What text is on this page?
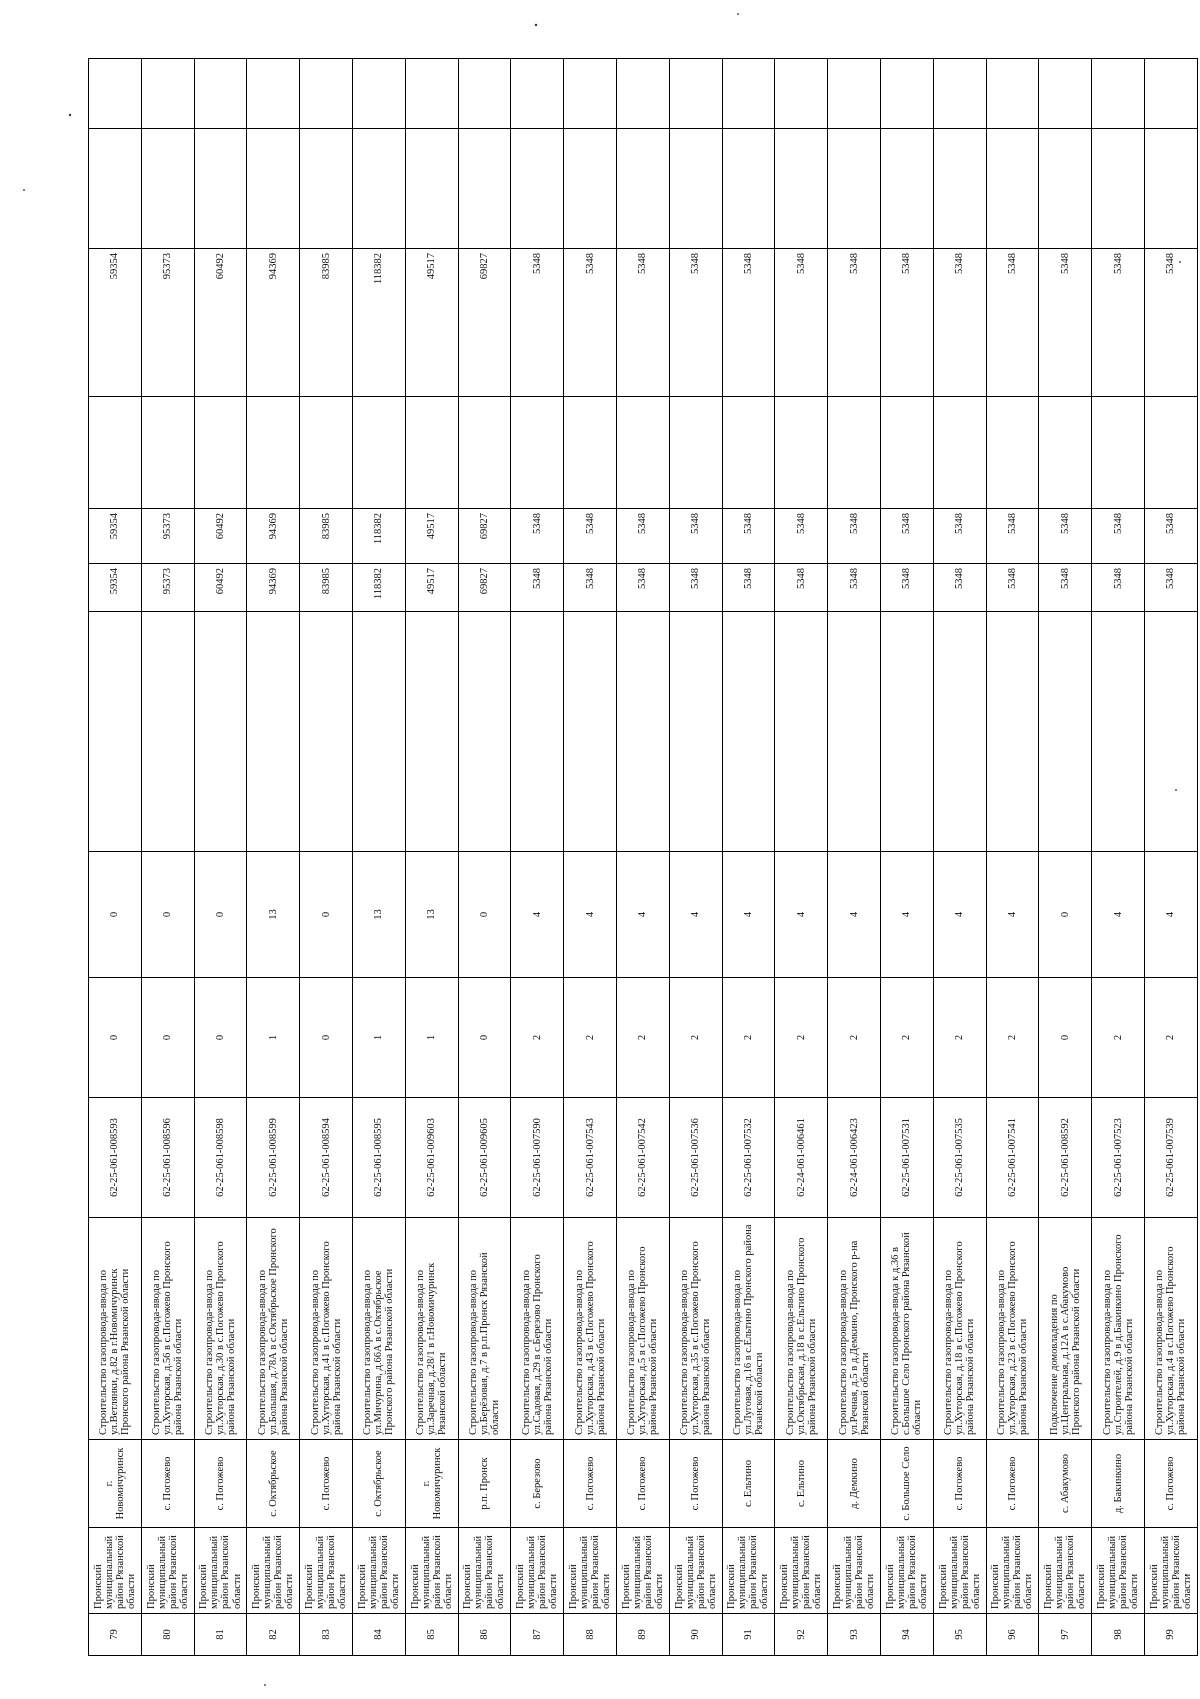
79	Пронский муниципальный район Рязанской области	г. Новомичуринск	Строительство газопровода-ввода по ул.Ветлянки, д.82 в г.Новомичуринск Пронского района Рязанской области	62-25-061-008593	0	0		59354	59354		59354		
80	Пронский муниципальный район Рязанской области	с. Погожево	Строительство газопровода-ввода по ул.Хуторская, д.56 в с.Погожево Пронского района Рязанской области	62-25-061-008596	0	0		95373	95373		95373		
81	Пронский муниципальный район Рязанской области	с. Погожево	Строительство газопровода-ввода по ул.Хуторская, д.30 в с.Погожево Пронского района Рязанской области	62-25-061-008598	0	0		60492	60492		60492		
82	Пронский муниципальный район Рязанской области	с. Октябрьское	Строительство газопровода-ввода по ул.Большая, д.78А в с.Октябрьское Пронского района Рязанской области	62-25-061-008599	1	13		94369	94369		94369		
83	Пронский муниципальный район Рязанской области	с. Погожево	Строительство газопровода-ввода по ул.Хуторская, д.41 в с.Погожево Пронского района Рязанской области	62-25-061-008594	0	0		83985	83985		83985		
84	Пронский муниципальный район Рязанской области	с. Октябрьское	Строительство газопровода-ввода по ул.Мичурина, д.66А в с.Октябрьское Пронского района Рязанской области	62-25-061-008595	1	13		118382	118382		118382		
85	Пронский муниципальный район Рязанской области	г. Новомичуринск	Строительство газопровода-ввода по ул.Заречная, д.28/1 в г.Новомичуринск Рязанской области	62-25-061-009603	1	13		49517	49517		49517		
86	Пронский муниципальный район Рязанской области	р.п. Пронск	Строительство газопровода-ввода по ул.Берёзовая, д.7 в р.п.Пронск Рязанской области	62-25-061-009605	0	0		69827	69827		69827		
87	Пронский муниципальный район Рязанской области	с. Березово	Строительство газопровода-ввода по ул.Садовая, д.29 в с.Березово Пронского района Рязанской области	62-25-061-007590	2	4		5348	5348		5348		
88	Пронский муниципальный район Рязанской области	с. Погожево	Строительство газопровода-ввода по ул.Хуторская, д.43 в с.Погожево Пронского района Рязанской области	62-25-061-007543	2	4		5348	5348		5348		
89	Пронский муниципальный район Рязанской области	с. Погожево	Строительство газопровода-ввода по ул.Хуторская, д.5 в с.Погожево Пронского района Рязанской области	62-25-061-007542	2	4		5348	5348		5348		
90	Пронский муниципальный район Рязанской области	с. Погожево	Строительство газопровода-ввода по ул.Хуторская, д.35 в с.Погожево Пронского района Рязанской области	62-25-061-007536	2	4		5348	5348		5348		
91	Пронский муниципальный район Рязанской области	с. Ельтино	Строительство газопровода-ввода по ул.Луговая, д.16 в с.Ельтино Пронского района Рязанской области	62-25-061-007532	2	4		5348	5348		5348		
92	Пронский муниципальный район Рязанской области	с. Ельтино	Строительство газопровода-ввода по ул.Октябрьская, д.18 в с.Ельтино Пронского района Рязанской области	62-24-061-006461	2	4		5348	5348		5348		
93	Пронский муниципальный район Рязанской области	д. Демкино	Строительство газопровода-ввода по ул.Речная, д.5 в д.Демкино, Пронского р-на Рязанской области	62-24-061-006423	2	4		5348	5348		5348		
94	Пронский муниципальный район Рязанской области	с. Большое Село	Строительство газопровода-ввода к д.36 в с.Большое Село Пронского района Рязанской области	62-25-061-007531	2	4		5348	5348		5348		
95	Пронский муниципальный район Рязанской области	с. Погожево	Строительство газопровода-ввода по ул.Хуторская, д.18 в с.Погожево Пронского района Рязанской области	62-25-061-007535	2	4		5348	5348		5348		
96	Пронский муниципальный район Рязанской области	с. Погожево	Строительство газопровода-ввода по ул.Хуторская, д.23 в с.Погожево Пронского района Рязанской области	62-25-061-007541	2	4		5348	5348		5348		
97	Пронский муниципальный район Рязанской области	с. Абакумово	Подключение домовладения по ул.Центральная, д.12А в с.Абакумово Пронского района Рязанской области	62-25-061-008592	0	0		5348	5348		5348		
98	Пронский муниципальный район Рязанской области	д. Бакинкино	Строительство газопровода-ввода по ул.Строителей, д.9 в д.Бакинкино Пронского района Рязанской области	62-25-061-007523	2	4		5348	5348		5348		
99	Пронский муниципальный район Рязанской области	с. Погожево	Строительство газопровода-ввода по ул.Хуторская, д.4 в с.Погожево Пронского района Рязанской области	62-25-061-007539	2	4		5348	5348		5348		
